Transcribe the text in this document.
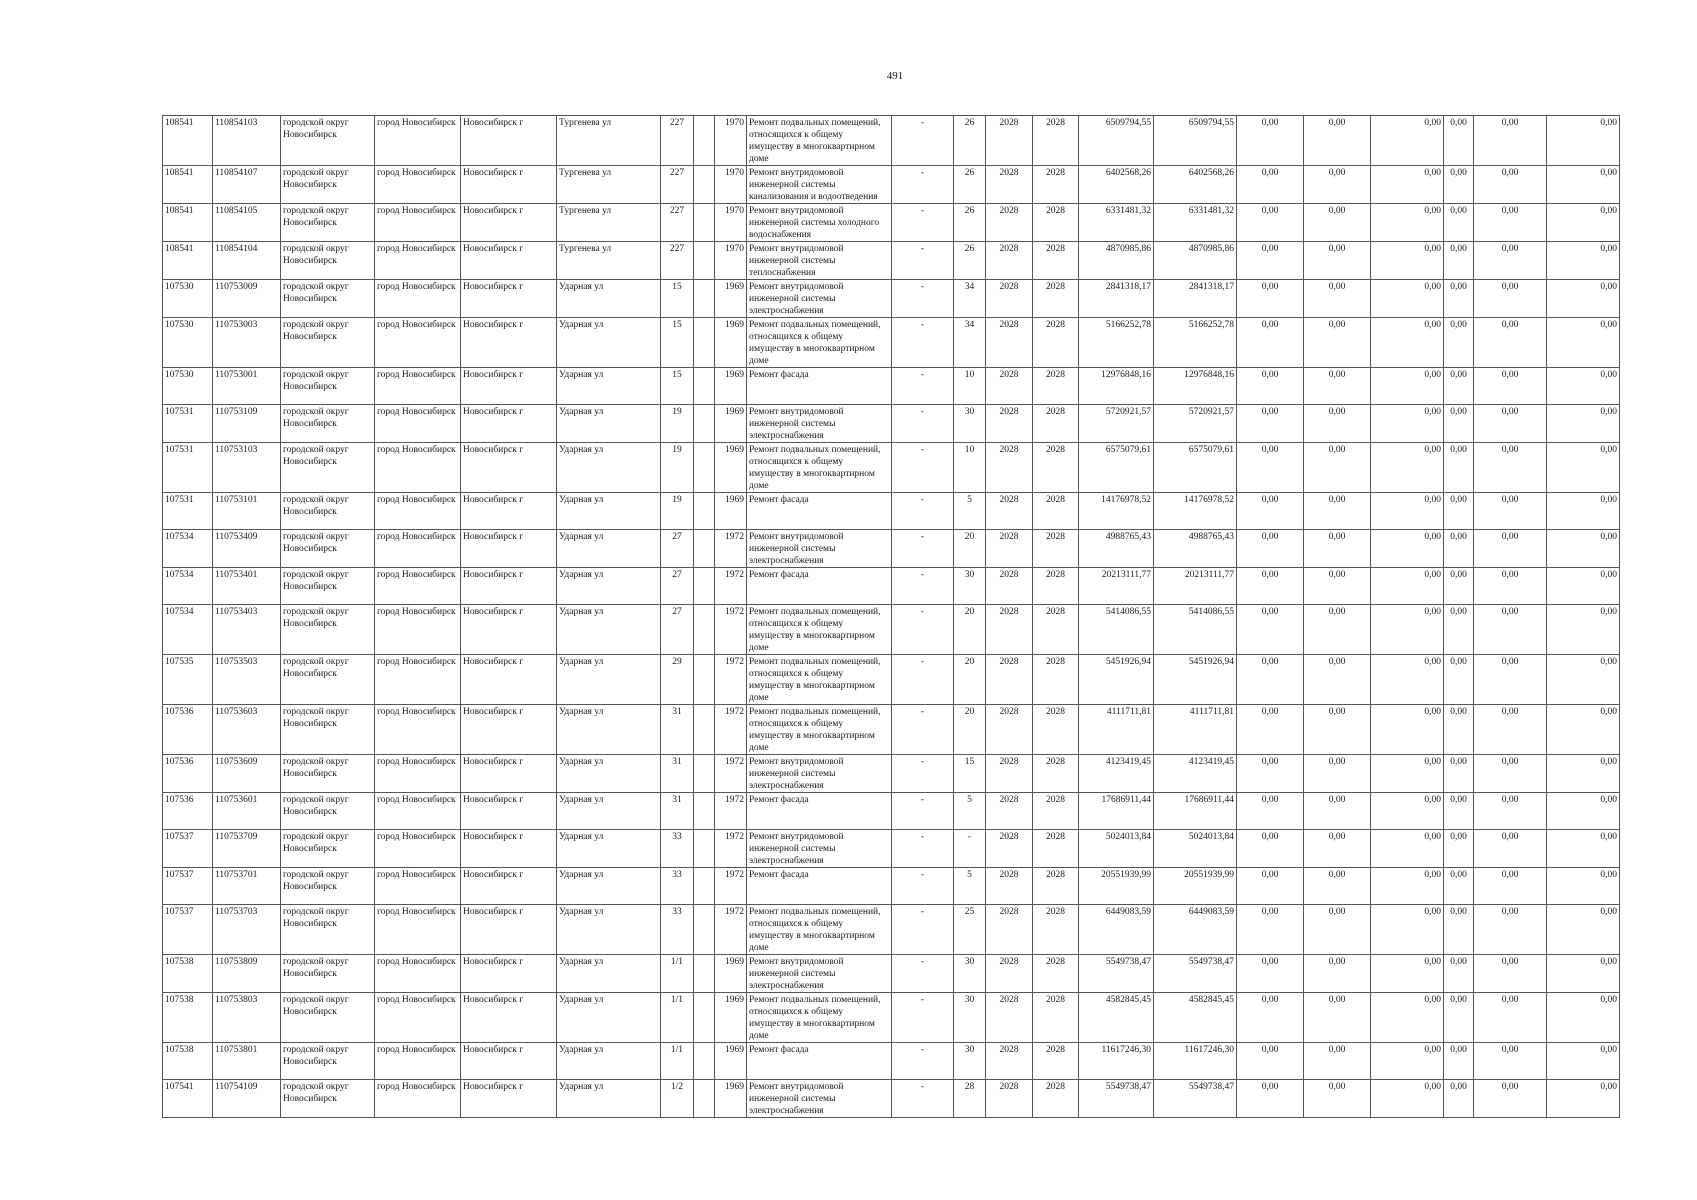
491
108541	110854103	городской округ Новосибирск	город Новосибирск	Новосибирск г	Тургенева ул	227		1970	Ремонт подвальных помещений, относящихся к общему имуществу в многоквартирном доме	-	26	2028	2028	6509794,55	6509794,55	0,00	0,00	0,00	0,00	0,00	0,00
108541	110854107	городской округ Новосибирск	город Новосибирск	Новосибирск г	Тургенева ул	227		1970	Ремонт внутридомовой инженерной системы канализования и водоотведения	-	26	2028	2028	6402568,26	6402568,26	0,00	0,00	0,00	0,00	0,00	0,00
108541	110854105	городской округ Новосибирск	город Новосибирск	Новосибирск г	Тургенева ул	227		1970	Ремонт внутридомовой инженерной системы холодного водоснабжения	-	26	2028	2028	6331481,32	6331481,32	0,00	0,00	0,00	0,00	0,00	0,00
108541	110854104	городской округ Новосибирск	город Новосибирск	Новосибирск г	Тургенева ул	227		1970	Ремонт внутридомовой инженерной системы теплоснабжения	-	26	2028	2028	4870985,86	4870985,86	0,00	0,00	0,00	0,00	0,00	0,00
107530	110753009	городской округ Новосибирск	город Новосибирск	Новосибирск г	Ударная ул	15		1969	Ремонт внутридомовой инженерной системы электроснабжения	-	34	2028	2028	2841318,17	2841318,17	0,00	0,00	0,00	0,00	0,00	0,00
107530	110753003	городской округ Новосибирск	город Новосибирск	Новосибирск г	Ударная ул	15		1969	Ремонт подвальных помещений, относящихся к общему имуществу в многоквартирном доме	-	34	2028	2028	5166252,78	5166252,78	0,00	0,00	0,00	0,00	0,00	0,00
107530	110753001	городской округ Новосибирск	город Новосибирск	Новосибирск г	Ударная ул	15		1969	Ремонт фасада	-	10	2028	2028	12976848,16	12976848,16	0,00	0,00	0,00	0,00	0,00	0,00
107531	110753109	городской округ Новосибирск	город Новосибирск	Новосибирск г	Ударная ул	19		1969	Ремонт внутридомовой инженерной системы электроснабжения	-	30	2028	2028	5720921,57	5720921,57	0,00	0,00	0,00	0,00	0,00	0,00
107531	110753103	городской округ Новосибирск	город Новосибирск	Новосибирск г	Ударная ул	19		1969	Ремонт подвальных помещений, относящихся к общему имуществу в многоквартирном доме	-	10	2028	2028	6575079,61	6575079,61	0,00	0,00	0,00	0,00	0,00	0,00
107531	110753101	городской округ Новосибирск	город Новосибирск	Новосибирск г	Ударная ул	19		1969	Ремонт фасада	-	5	2028	2028	14176978,52	14176978,52	0,00	0,00	0,00	0,00	0,00	0,00
107534	110753409	городской округ Новосибирск	город Новосибирск	Новосибирск г	Ударная ул	27		1972	Ремонт внутридомовой инженерной системы электроснабжения	-	20	2028	2028	4988765,43	4988765,43	0,00	0,00	0,00	0,00	0,00	0,00
107534	110753401	городской округ Новосибирск	город Новосибирск	Новосибирск г	Ударная ул	27		1972	Ремонт фасада	-	30	2028	2028	20213111,77	20213111,77	0,00	0,00	0,00	0,00	0,00	0,00
107534	110753403	городской округ Новосибирск	город Новосибирск	Новосибирск г	Ударная ул	27		1972	Ремонт подвальных помещений, относящихся к общему имуществу в многоквартирном доме	-	20	2028	2028	5414086,55	5414086,55	0,00	0,00	0,00	0,00	0,00	0,00
107535	110753503	городской округ Новосибирск	город Новосибирск	Новосибирск г	Ударная ул	29		1972	Ремонт подвальных помещений, относящихся к общему имуществу в многоквартирном доме	-	20	2028	2028	5451926,94	5451926,94	0,00	0,00	0,00	0,00	0,00	0,00
107536	110753603	городской округ Новосибирск	город Новосибирск	Новосибирск г	Ударная ул	31		1972	Ремонт подвальных помещений, относящихся к общему имуществу в многоквартирном доме	-	20	2028	2028	4111711,81	4111711,81	0,00	0,00	0,00	0,00	0,00	0,00
107536	110753609	городской округ Новосибирск	город Новосибирск	Новосибирск г	Ударная ул	31		1972	Ремонт внутридомовой инженерной системы электроснабжения	-	15	2028	2028	4123419,45	4123419,45	0,00	0,00	0,00	0,00	0,00	0,00
107536	110753601	городской округ Новосибирск	город Новосибирск	Новосибирск г	Ударная ул	31		1972	Ремонт фасада	-	5	2028	2028	17686911,44	17686911,44	0,00	0,00	0,00	0,00	0,00	0,00
107537	110753709	городской округ Новосибирск	город Новосибирск	Новосибирск г	Ударная ул	33		1972	Ремонт внутридомовой инженерной системы электроснабжения	-	-	2028	2028	5024013,84	5024013,84	0,00	0,00	0,00	0,00	0,00	0,00
107537	110753701	городской округ Новосибирск	город Новосибирск	Новосибирск г	Ударная ул	33		1972	Ремонт фасада	-	5	2028	2028	20551939,99	20551939,99	0,00	0,00	0,00	0,00	0,00	0,00
107537	110753703	городской округ Новосибирск	город Новосибирск	Новосибирск г	Ударная ул	33		1972	Ремонт подвальных помещений, относящихся к общему имуществу в многоквартирном доме	-	25	2028	2028	6449083,59	6449083,59	0,00	0,00	0,00	0,00	0,00	0,00
107538	110753809	городской округ Новосибирск	город Новосибирск	Новосибирск г	Ударная ул	1/1		1969	Ремонт внутридомовой инженерной системы электроснабжения	-	30	2028	2028	5549738,47	5549738,47	0,00	0,00	0,00	0,00	0,00	0,00
107538	110753803	городской округ Новосибирск	город Новосибирск	Новосибирск г	Ударная ул	1/1		1969	Ремонт подвальных помещений, относящихся к общему имуществу в многоквартирном доме	-	30	2028	2028	4582845,45	4582845,45	0,00	0,00	0,00	0,00	0,00	0,00
107538	110753801	городской округ Новосибирск	город Новосибирск	Новосибирск г	Ударная ул	1/1		1969	Ремонт фасада	-	30	2028	2028	11617246,30	11617246,30	0,00	0,00	0,00	0,00	0,00	0,00
107541	110754109	городской округ Новосибирск	город Новосибирск	Новосибирск г	Ударная ул	1/2		1969	Ремонт внутридомовой инженерной системы электроснабжения	-	28	2028	2028	5549738,47	5549738,47	0,00	0,00	0,00	0,00	0,00	0,00
